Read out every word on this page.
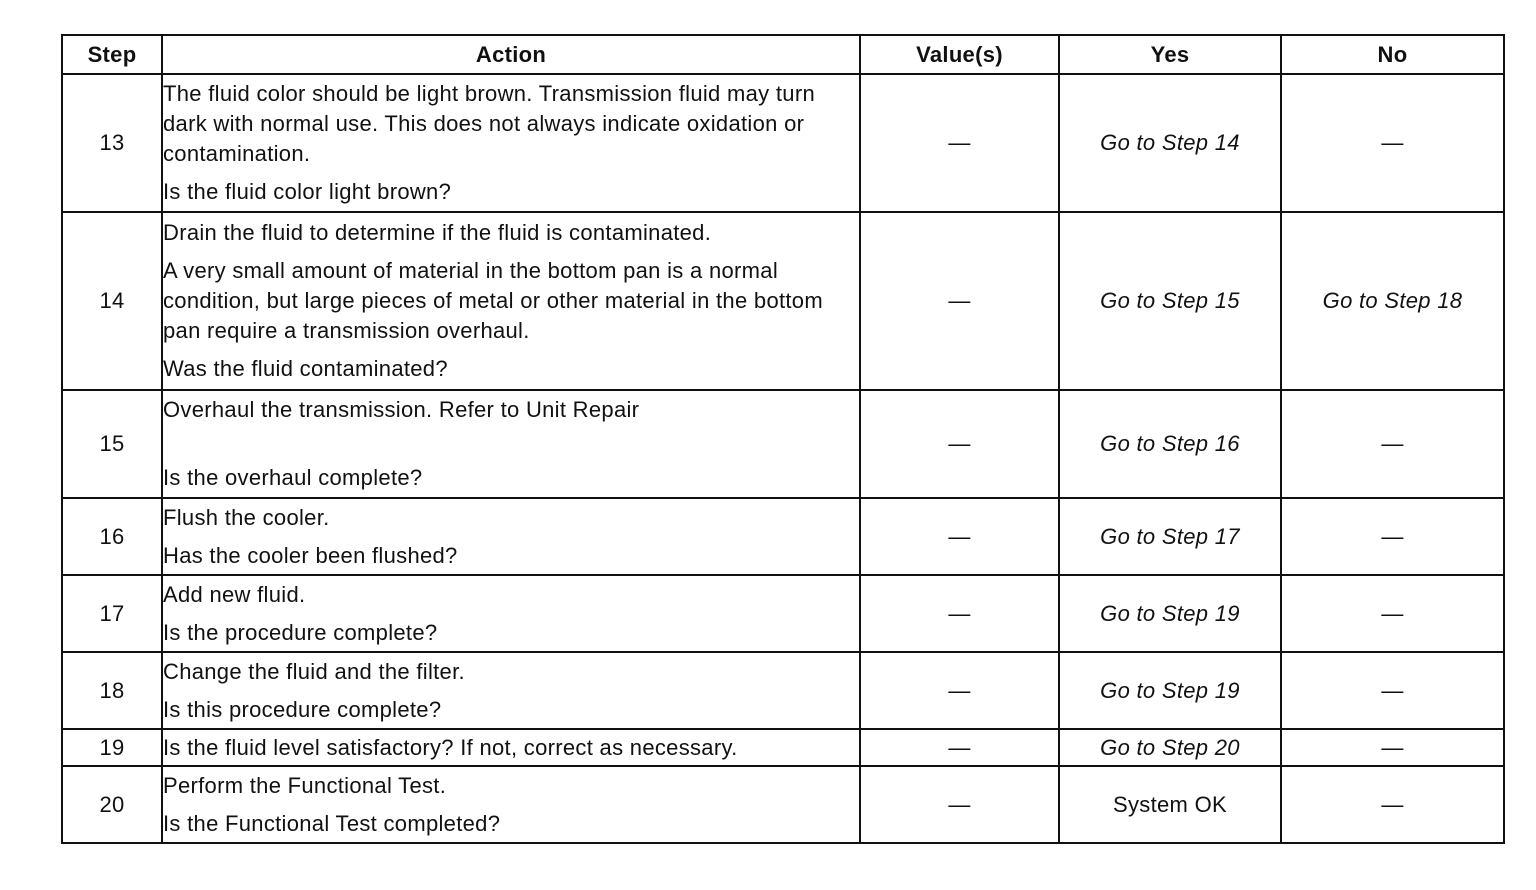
Step	Action	Value(s)	Yes	No
13	The fluid color should be light brown. Transmission fluid may turn dark with normal use. This does not always indicate oxidation or contamination.

Is the fluid color light brown?	—	Go to Step 14	—
14	Drain the fluid to determine if the fluid is contaminated.

A very small amount of material in the bottom pan is a normal condition, but large pieces of metal or other material in the bottom pan require a transmission overhaul.

Was the fluid contaminated?	—	Go to Step 15	Go to Step 18
15	Overhaul the transmission. Refer to Unit Repair

Is the overhaul complete?	—	Go to Step 16	—
16	Flush the cooler.

Has the cooler been flushed?	—	Go to Step 17	—
17	Add new fluid.

Is the procedure complete?	—	Go to Step 19	—
18	Change the fluid and the filter.

Is this procedure complete?	—	Go to Step 19	—
19	Is the fluid level satisfactory? If not, correct as necessary.	—	Go to Step 20	—
20	Perform the Functional Test.

Is the Functional Test completed?	—	System OK	—
